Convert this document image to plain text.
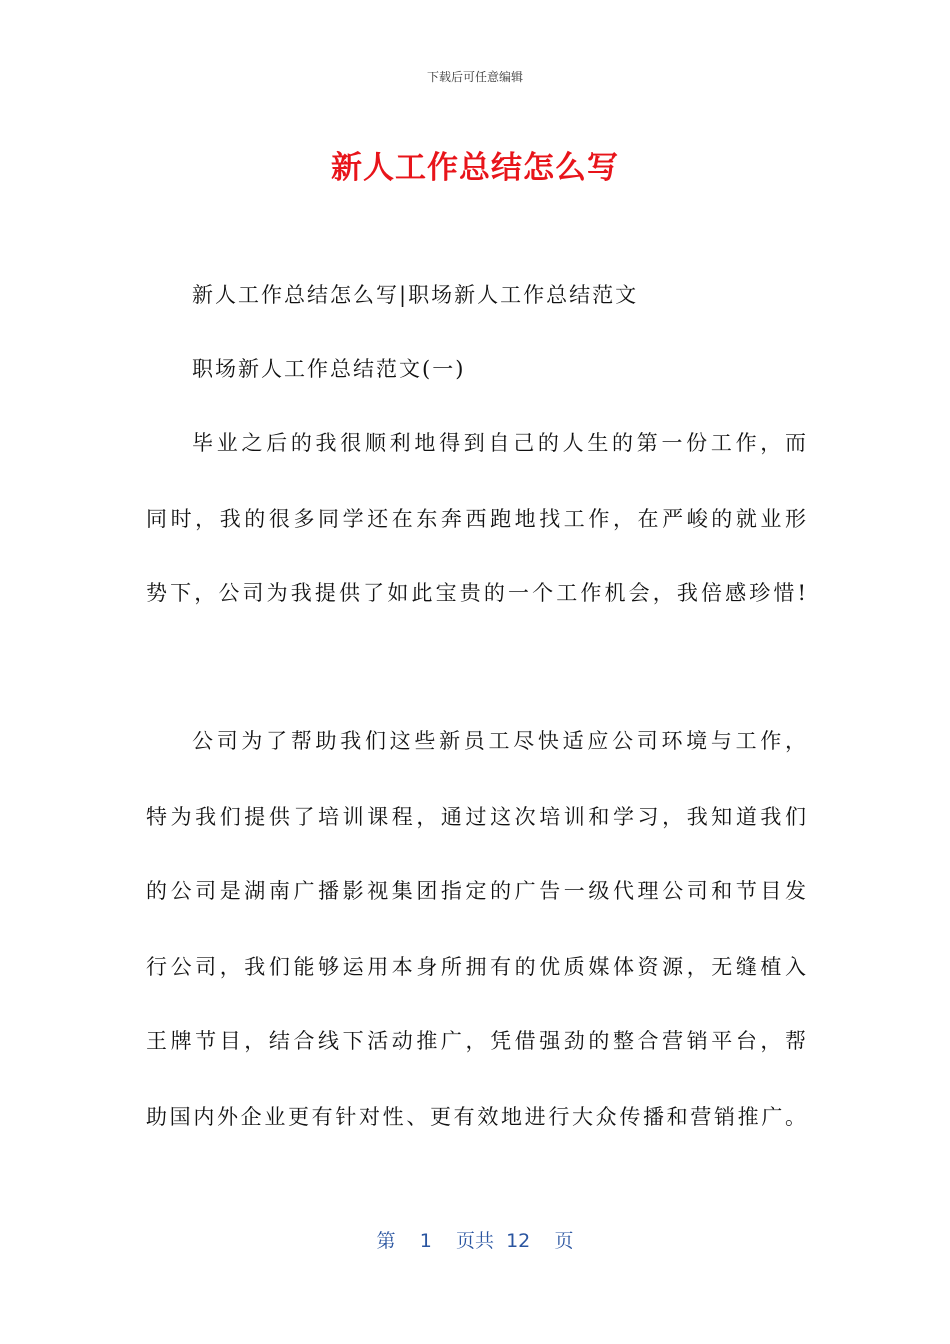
下载后可任意编辑
新人工作总结怎么写
新人工作总结怎么写|职场新人工作总结范文
职场新人工作总结范文(一)
毕业之后的我很顺利地得到自己的人生的第一份工作，而
同时，我的很多同学还在东奔西跑地找工作，在严峻的就业形
势下，公司为我提供了如此宝贵的一个工作机会，我倍感珍惜!
公司为了帮助我们这些新员工尽快适应公司环境与工作，
特为我们提供了培训课程，通过这次培训和学习，我知道我们
的公司是湖南广播影视集团指定的广告一级代理公司和节目发
行公司，我们能够运用本身所拥有的优质媒体资源，无缝植入
王牌节目，结合线下活动推广，凭借强劲的整合营销平台，帮
助国内外企业更有针对性、更有效地进行大众传播和营销推广。
第 1 页共 12 页
